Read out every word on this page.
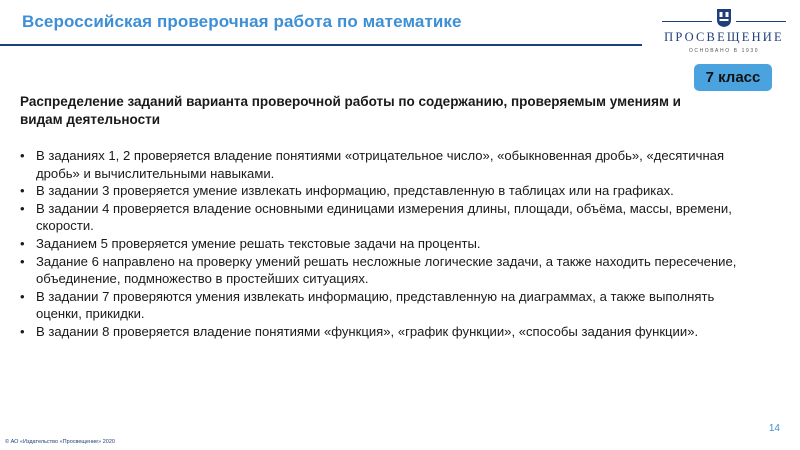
Всероссийская проверочная работа по математике
ПРОСВЕЩЕНИЕ
ОСНОВАНО В 1930
7 класс
Распределение заданий варианта проверочной работы по содержанию, проверяемым умениям и видам деятельности
• В заданиях 1, 2 проверяется владение понятиями «отрицательное число», «обыкновенная дробь», «десятичная дробь» и вычислительными навыками.
• В задании 3 проверяется умение извлекать информацию, представленную в таблицах или на графиках.
• В задании 4 проверяется владение основными единицами измерения длины, площади, объёма, массы, времени, скорости.
• Заданием 5 проверяется умение решать текстовые задачи на проценты.
• Задание 6 направлено на проверку умений решать несложные логические задачи, а также находить пересечение, объединение, подмножество в простейших ситуациях.
• В задании 7 проверяются умения извлекать информацию, представленную на диаграммах, а также выполнять оценки, прикидки.
• В задании 8 проверяется владение понятиями «функция», «график функции», «способы задания функции».
14
© АО «Издательство «Просвещение» 2020
